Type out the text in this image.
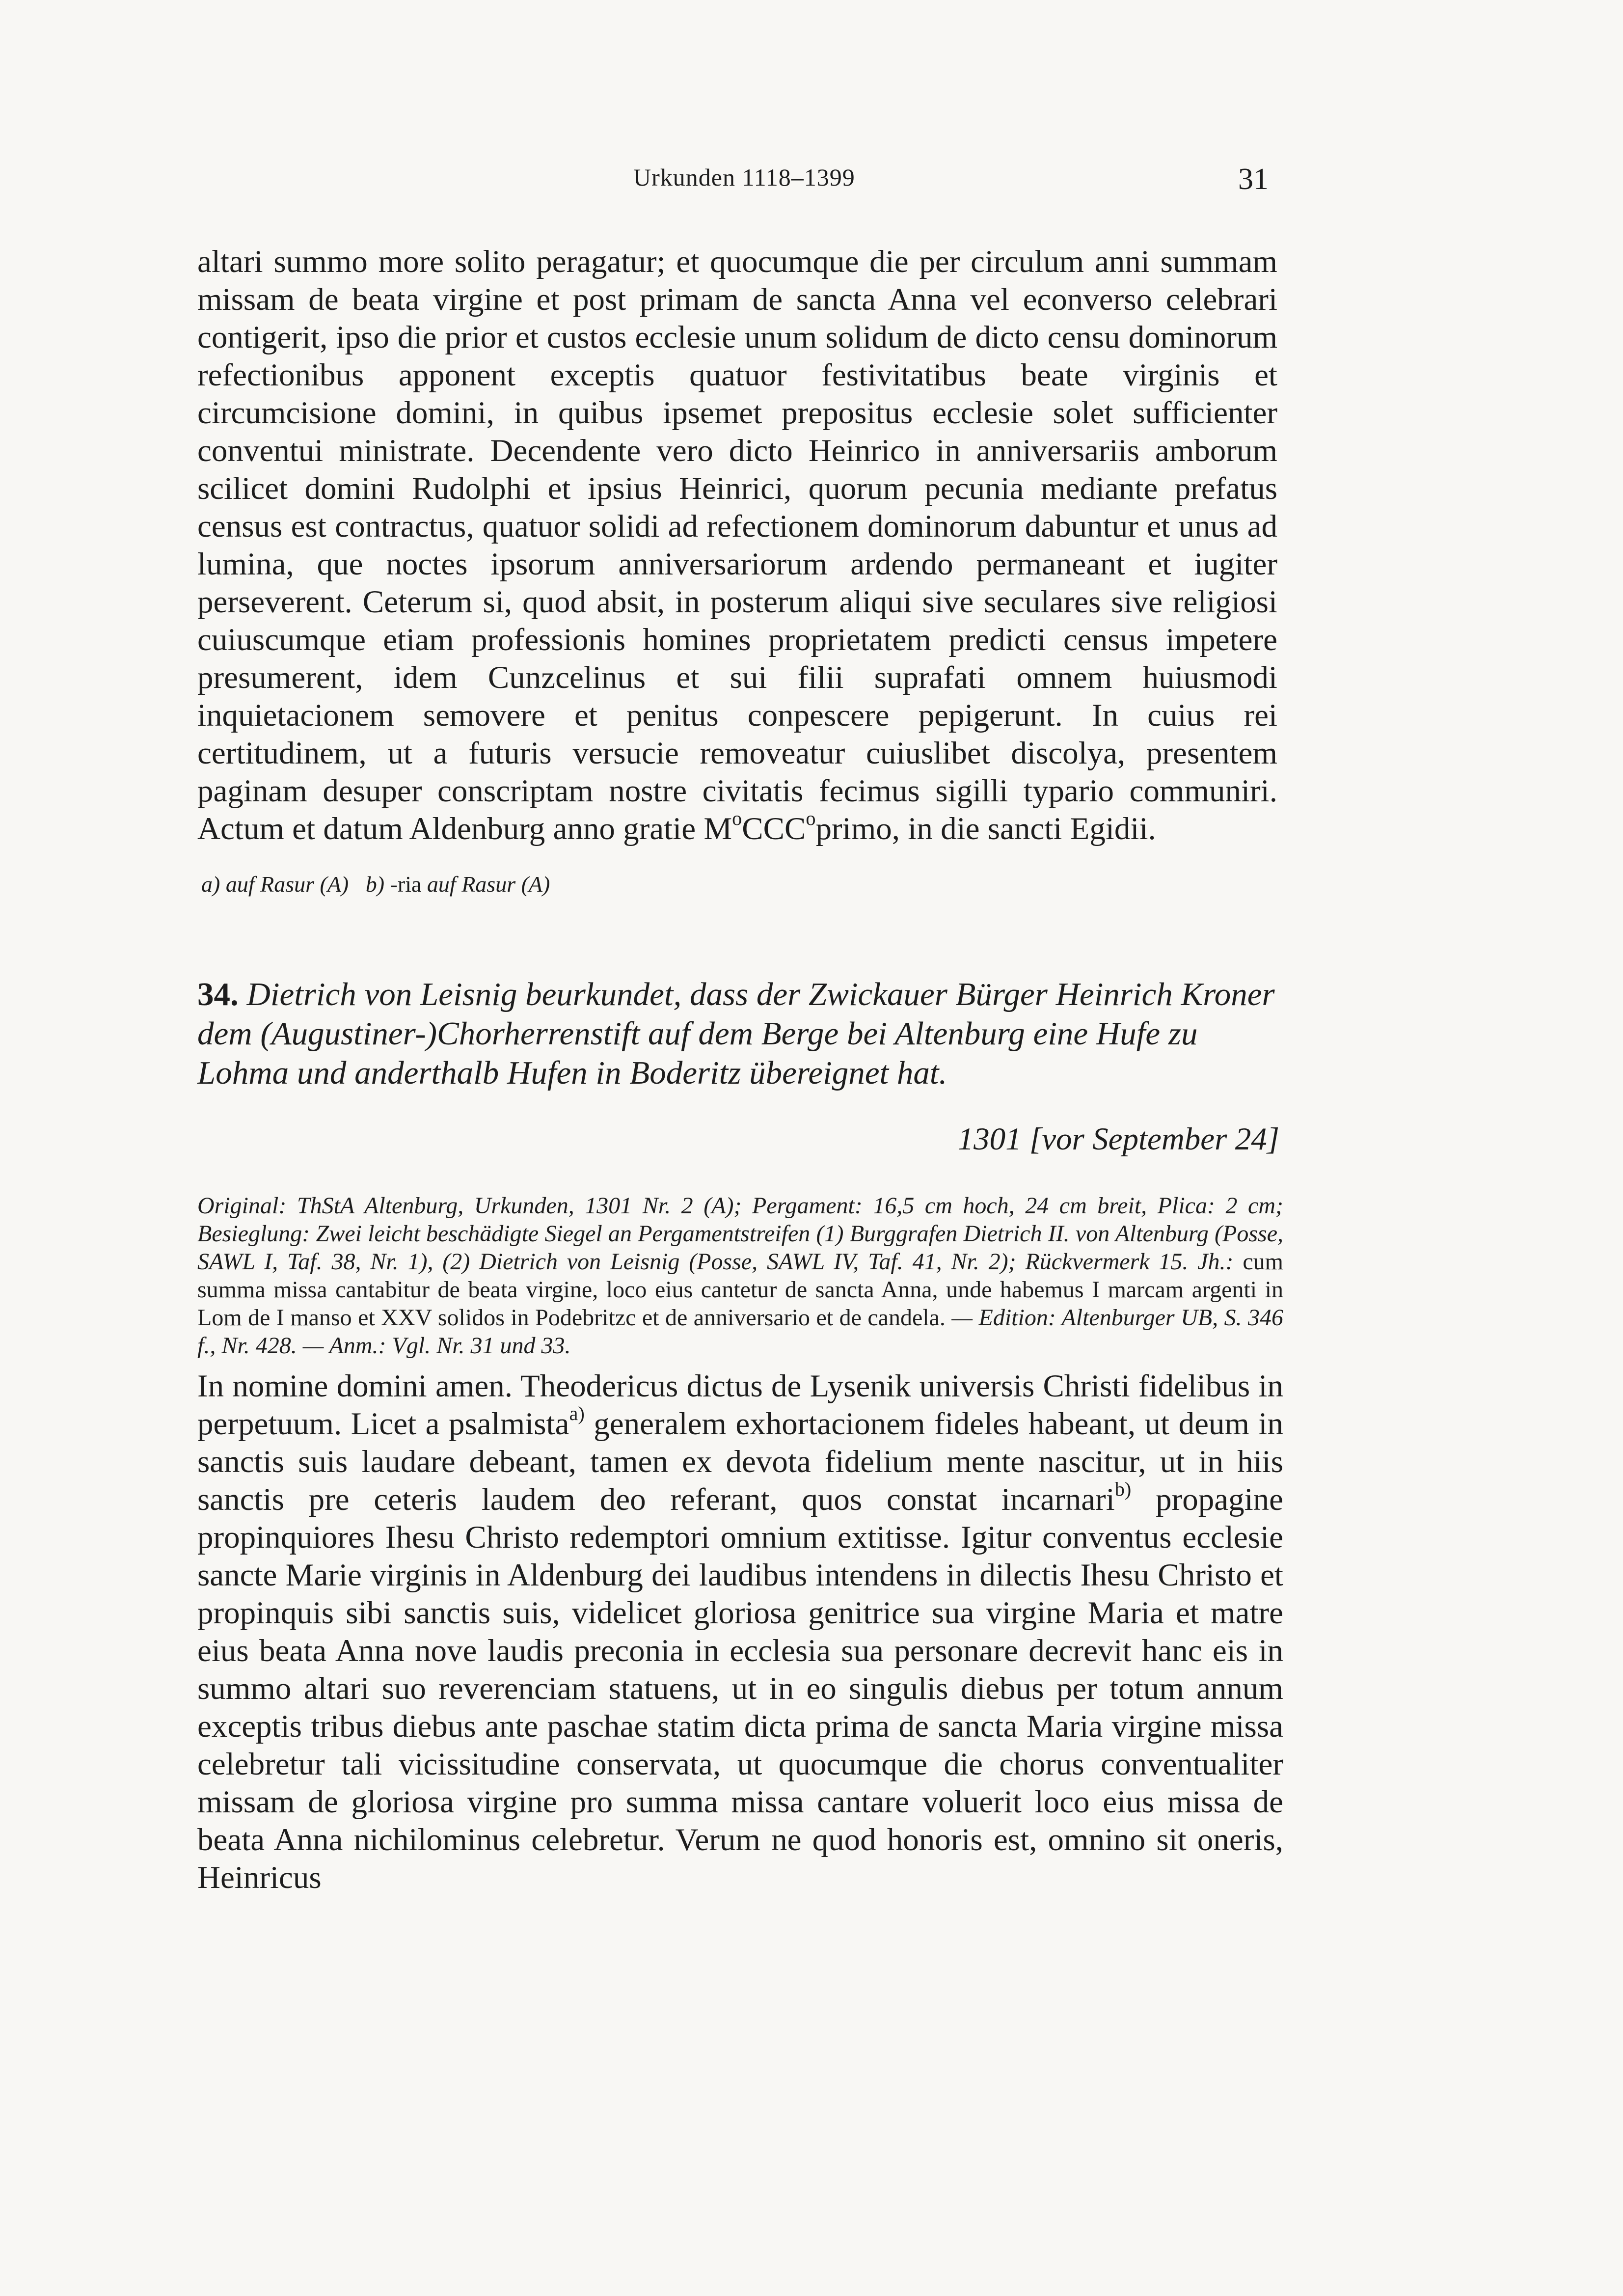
Urkunden 1118–1399	31

altari summo more solito peragatur; et quocumque die per circulum anni summam missam de beata virgine et post primam de sancta Anna vel econverso celebrari contigerit, ipso die prior et custos ecclesie unum solidum de dicto censu dominorum refectionibus apponent exceptis quatuor festivitatibus beate virginis et circumcisione domini, in quibus ipsemet prepositus ecclesie solet sufficienter conventui ministrate. Decendente vero dicto Heinrico in anniversariis amborum scilicet domini Rudolphi et ipsius Heinrici, quorum pecunia mediante prefatus census est contractus, quatuor solidi ad refectionem dominorum dabuntur et unus ad lumina, que noctes ipsorum anniversariorum ardendo permaneant et iugiter perseverent. Ceterum si, quod absit, in posterum aliqui sive seculares sive religiosi cuiuscumque etiam professionis homines proprietatem predicti census impetere presumerent, idem Cunzcelinus et sui filii suprafati omnem huiusmodi inquietacionem semovere et penitus conpescere pepigerunt. In cuius rei certitudinem, ut a futuris versucie removeatur cuiuslibet discolya, presentem paginam desuper conscriptam nostre civitatis fecimus sigilli typario communiri. Actum et datum Aldenburg anno gratie $M^oCCC^oprimo$, in die sancti Egidii.

a) auf Rasur (A) b) -ria auf Rasur (A)
34. Dietrich von Leisnig beurkundet, dass der Zwickauer Bürger Heinrich Kroner dem (Augustiner-)Chorherrenstift auf dem Berge bei Altenburg eine Hufe zu Lohma und anderthalb Hufen in Boderitz übereignet hat.
1301 [vor September 24]

Original: ThStA Altenburg, Urkunden, 1301 Nr. 2 (A); Pergament: 16,5 cm hoch, 24 cm breit, Plica: 2 cm; Besieglung: Zwei leicht beschädigte Siegel an Pergamentstreifen (1) Burggrafen Dietrich II. von Altenburg (Posse, SAWL I, Taf. 38, Nr. 1), (2) Dietrich von Leisnig (Posse, SAWL IV, Taf. 41, Nr. 2); Rückvermerk 15. Jh.: cum summa missa cantabitur de beata virgine, loco eius cantetur de sancta Anna, unde habemus I marcam argenti in Lom de I manso et XXV solidos in Podebritzc et de anniversario et de candela. — Edition: Altenburger UB, S. 346 f., Nr. 428. — Anm.: Vgl. Nr. 31 und 33.

In nomine domini amen. Theodericus dictus de Lysenik universis Christi fidelibus in perpetuum. Licet a psalmista$^{a)}$ generalem exhortacionem fideles habeant, ut deum in sanctis suis laudare debeant, tamen ex devota fidelium mente nascitur, ut in hiis sanctis pre ceteris laudem deo referant, quos constat incarnari$^{b)}$ propagine propinquiores Ihesu Christo redemptori omnium extitisse. Igitur conventus ecclesie sancte Marie virginis in Aldenburg dei laudibus intendens in dilectis Ihesu Christo et propinquis sibi sanctis suis, videlicet gloriosa genitrice sua virgine Maria et matre eius beata Anna nove laudis preconia in ecclesia sua personare decrevit hanc eis in summo altari suo reverenciam statuens, ut in eo singulis diebus per totum annum exceptis tribus diebus ante paschae statim dicta prima de sancta Maria virgine missa celebretur tali vicissitudine conservata, ut quocumque die chorus conventualiter missam de gloriosa virgine pro summa missa cantare voluerit loco eius missa de beata Anna nichilominus celebretur. Verum ne quod honoris est, omnino sit oneris, Heinricus
